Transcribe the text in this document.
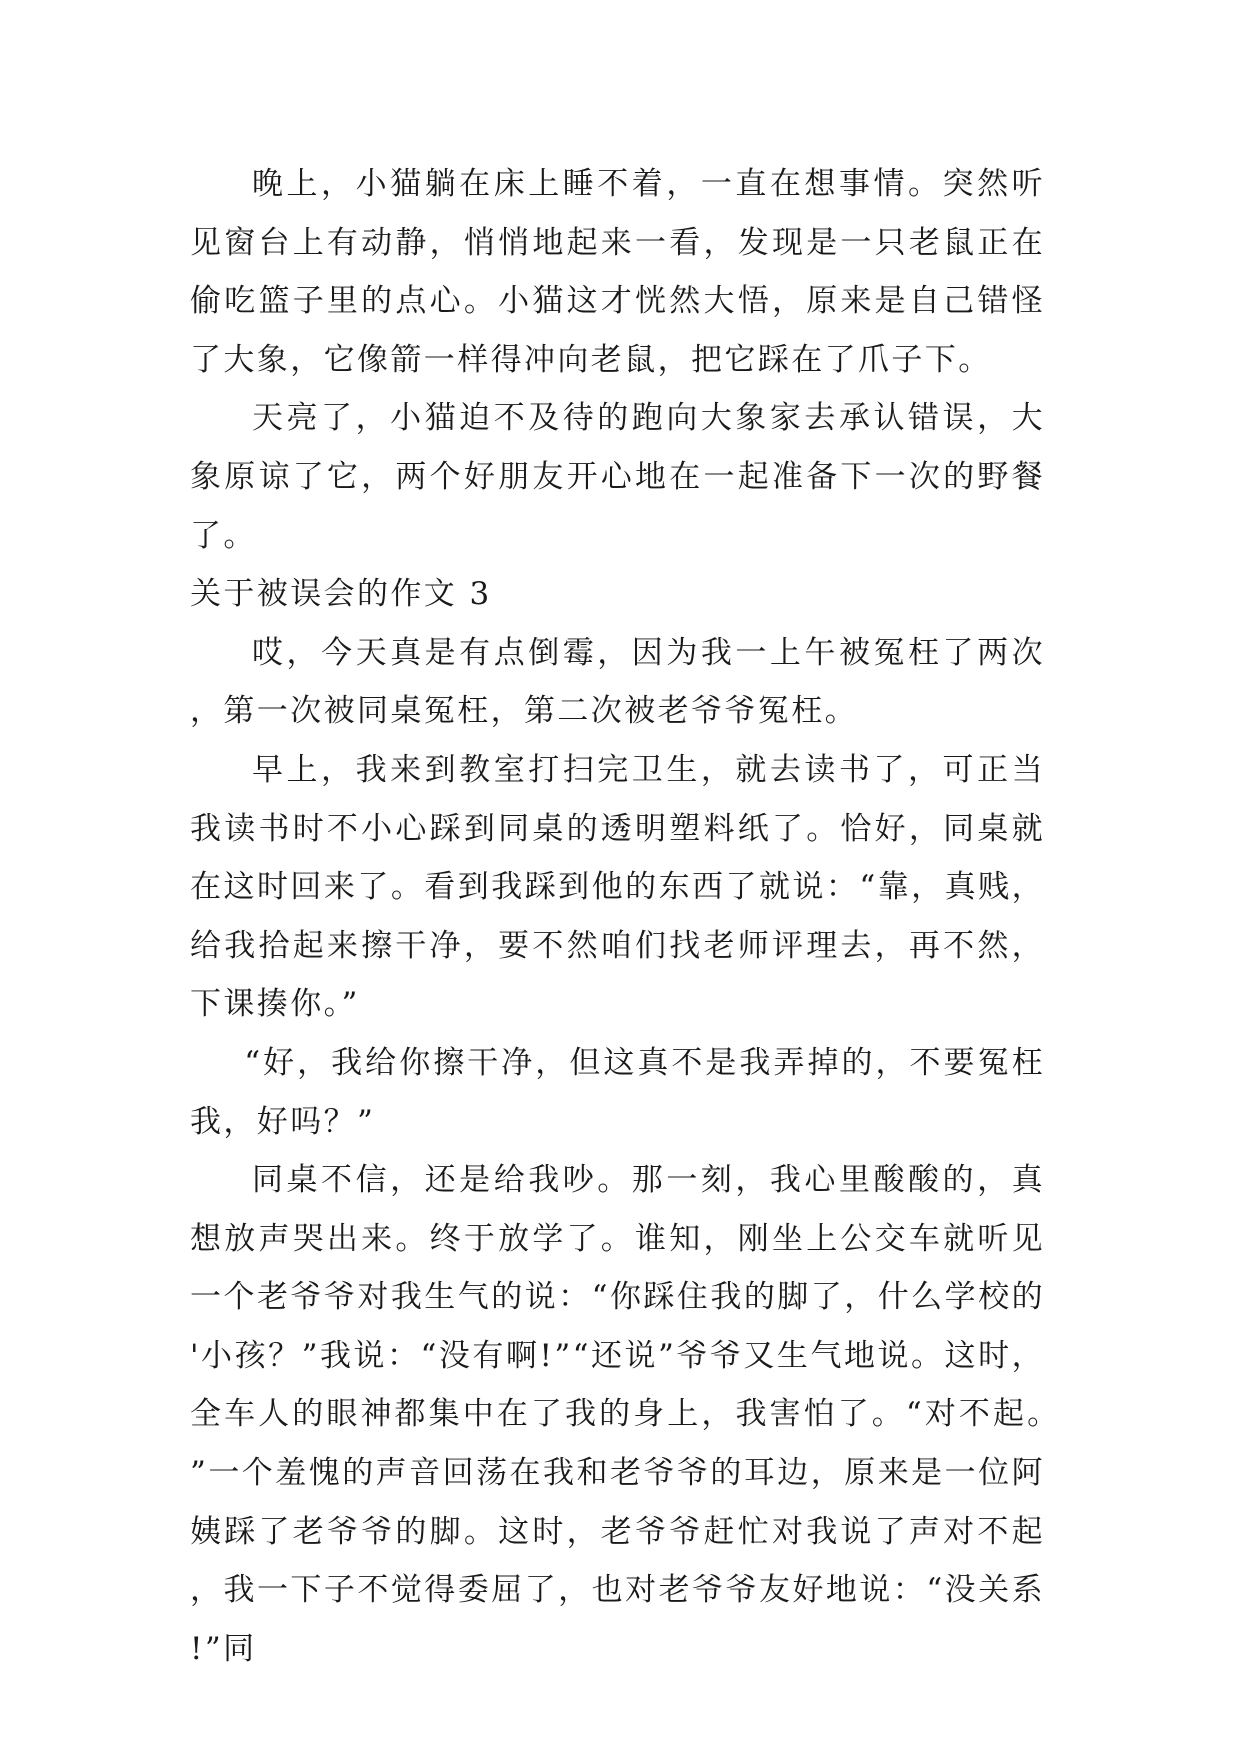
晚上，小猫躺在床上睡不着，一直在想事情。突然听见窗台上有动静，悄悄地起来一看，发现是一只老鼠正在偷吃篮子里的点心。小猫这才恍然大悟，原来是自己错怪了大象，它像箭一样得冲向老鼠，把它踩在了爪子下。

天亮了，小猫迫不及待的跑向大象家去承认错误，大象原谅了它，两个好朋友开心地在一起准备下一次的野餐了。

关于被误会的作文 3

哎，今天真是有点倒霉，因为我一上午被冤枉了两次，第一次被同桌冤枉，第二次被老爷爷冤枉。

早上，我来到教室打扫完卫生，就去读书了，可正当我读书时不小心踩到同桌的透明塑料纸了。恰好，同桌就在这时回来了。看到我踩到他的东西了就说：“靠，真贱，给我拾起来擦干净，要不然咱们找老师评理去，再不然，下课揍你。”

“好，我给你擦干净，但这真不是我弄掉的，不要冤枉我，好吗？”

同桌不信，还是给我吵。那一刻，我心里酸酸的，真想放声哭出来。终于放学了。谁知，刚坐上公交车就听见一个老爷爷对我生气的说：“你踩住我的脚了，什么学校的'小孩？”我说：“没有啊!”“还说”爷爷又生气地说。这时，全车人的眼神都集中在了我的身上，我害怕了。“对不起。”一个羞愧的声音回荡在我和老爷爷的耳边，原来是一位阿姨踩了老爷爷的脚。这时，老爷爷赶忙对我说了声对不起，我一下子不觉得委屈了，也对老爷爷友好地说：“没关系!”同
